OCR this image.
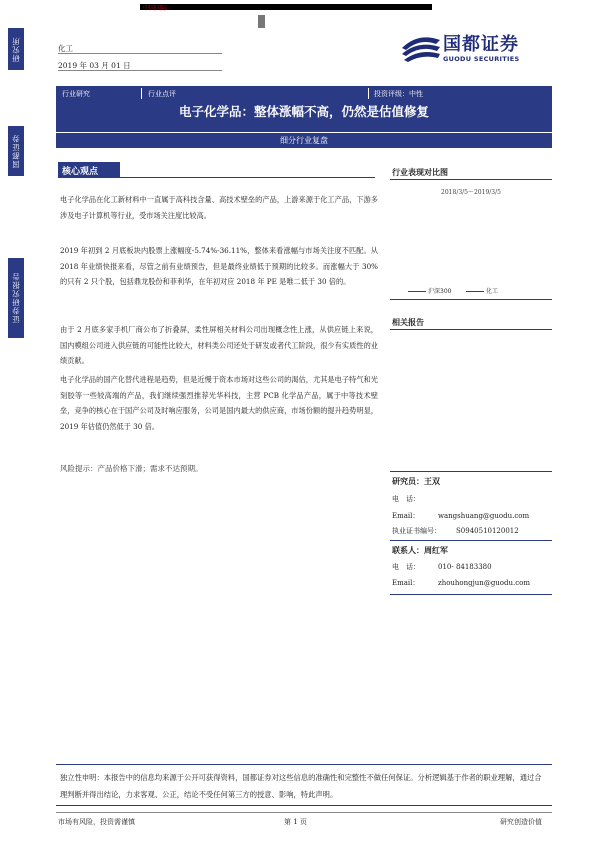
研究所
国都证券
证券研究报告
中国国际
化工
2019 年 03 月 01 日
国都证券
GUODU SECURITIES
行业研究	行业点评	投资评级：中性
电子化学品：整体涨幅不高，仍然是估值修复
细分行业复盘
核心观点
电子化学品在化工新材料中一直属于高科技含量、高技术壁垒的产品，上游来源于化工产品，下游多涉及电子计算机等行业，受市场关注度比较高。
2019 年初到 2 月底板块内股票上涨幅度-5.74%-36.11%，整体来看涨幅与市场关注度不匹配。从 2018 年业绩快报来看，尽管之前有业绩预告，但是最终业绩低于预期的比较多。而涨幅大于 30%的只有 2 只个股，包括鼎龙股份和菲利华，在年初对应 2018 年 PE 是唯二低于 30 倍的。
由于 2 月底多家手机厂商公布了折叠屏，柔性屏相关材料公司出现概念性上涨，从供应链上来说，国内模组公司进入供应链的可能性比较大，材料类公司还处于研发或者代工阶段，很少有实质性的业绩贡献。
电子化学品的国产化替代进程是趋势，但是近慢于资本市场对这些公司的渴估，尤其是电子特气和光刻胶等一些较高端的产品，我们继续强烈推荐光华科技，主营 PCB 化学品产品，属于中等技术壁垒，竞争的核心在于国产公司及时响应服务，公司是国内最大的供应商，市场份额的提升趋势明显，2019 年估值仍然低于 30 倍。
风险提示：产品价格下滑；需求不达预期。
行业表现对比图
2018/3/5～2019/3/5
沪深300	化工
相关报告
研究员：王双
电　话：
Email：	wangshuang@guodu.com
执业证书编号： S0940510120012
联系人：周红军
电　话：	010- 84183380
Email：	zhouhongjun@guodu.com
独立性申明：本报告中的信息均来源于公开可获得资料，国都证券对这些信息的准确性和完整性不做任何保证。分析逻辑基于作者的职业理解，通过合理判断并得出结论，力求客观、公正，结论不受任何第三方的授意、影响，特此声明。
市场有风险，投资需谨慎	第 1 页	研究创造价值
